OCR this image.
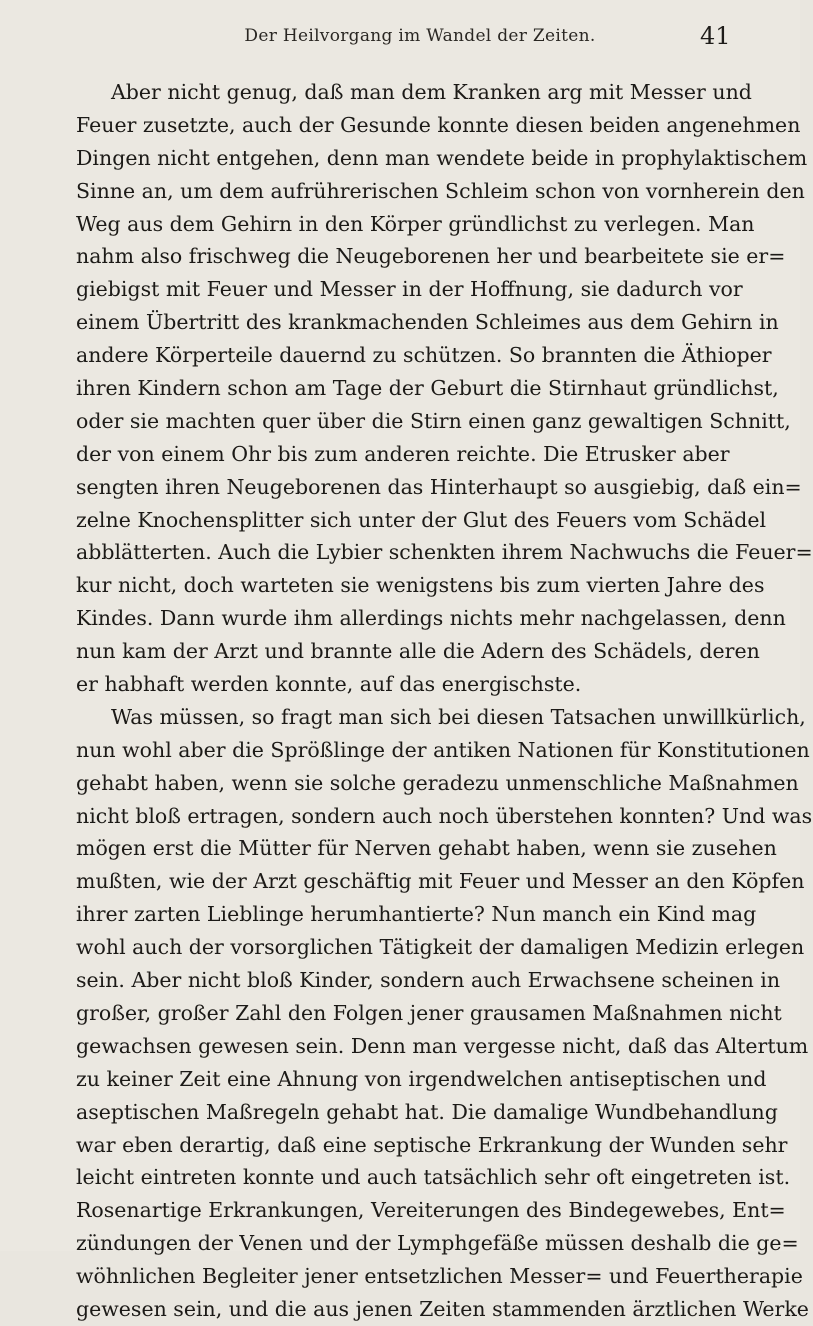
Der Heilvorgang im Wandel der Zeiten.	41
Aber nicht genug, daß man dem Kranken arg mit Messer und
Feuer zusetzte, auch der Gesunde konnte diesen beiden angenehmen
Dingen nicht entgehen, denn man wendete beide in prophylaktischem
Sinne an, um dem aufrührerischen Schleim schon von vornherein den
Weg aus dem Gehirn in den Körper gründlichst zu verlegen. Man
nahm also frischweg die Neugeborenen her und bearbeitete sie er=
giebigst mit Feuer und Messer in der Hoffnung, sie dadurch vor
einem Übertritt des krankmachenden Schleimes aus dem Gehirn in
andere Körperteile dauernd zu schützen. So brannten die Äthioper
ihren Kindern schon am Tage der Geburt die Stirnhaut gründlichst,
oder sie machten quer über die Stirn einen ganz gewaltigen Schnitt,
der von einem Ohr bis zum anderen reichte. Die Etrusker aber
sengten ihren Neugeborenen das Hinterhaupt so ausgiebig, daß ein=
zelne Knochensplitter sich unter der Glut des Feuers vom Schädel
abblätterten. Auch die Lybier schenkten ihrem Nachwuchs die Feuer=
kur nicht, doch warteten sie wenigstens bis zum vierten Jahre des
Kindes. Dann wurde ihm allerdings nichts mehr nachgelassen, denn
nun kam der Arzt und brannte alle die Adern des Schädels, deren
er habhaft werden konnte, auf das energischste.
Was müssen, so fragt man sich bei diesen Tatsachen unwillkürlich,
nun wohl aber die Sprößlinge der antiken Nationen für Konstitutionen
gehabt haben, wenn sie solche geradezu unmenschliche Maßnahmen
nicht bloß ertragen, sondern auch noch überstehen konnten? Und was
mögen erst die Mütter für Nerven gehabt haben, wenn sie zusehen
mußten, wie der Arzt geschäftig mit Feuer und Messer an den Köpfen
ihrer zarten Lieblinge herumhantierte? Nun manch ein Kind mag
wohl auch der vorsorglichen Tätigkeit der damaligen Medizin erlegen
sein. Aber nicht bloß Kinder, sondern auch Erwachsene scheinen in
großer, großer Zahl den Folgen jener grausamen Maßnahmen nicht
gewachsen gewesen sein. Denn man vergesse nicht, daß das Altertum
zu keiner Zeit eine Ahnung von irgendwelchen antiseptischen und
aseptischen Maßregeln gehabt hat. Die damalige Wundbehandlung
war eben derartig, daß eine septische Erkrankung der Wunden sehr
leicht eintreten konnte und auch tatsächlich sehr oft eingetreten ist.
Rosenartige Erkrankungen, Vereiterungen des Bindegewebes, Ent=
zündungen der Venen und der Lymphgefäße müssen deshalb die ge=
wöhnlichen Begleiter jener entsetzlichen Messer= und Feuertherapie
gewesen sein, und die aus jenen Zeiten stammenden ärztlichen Werke
